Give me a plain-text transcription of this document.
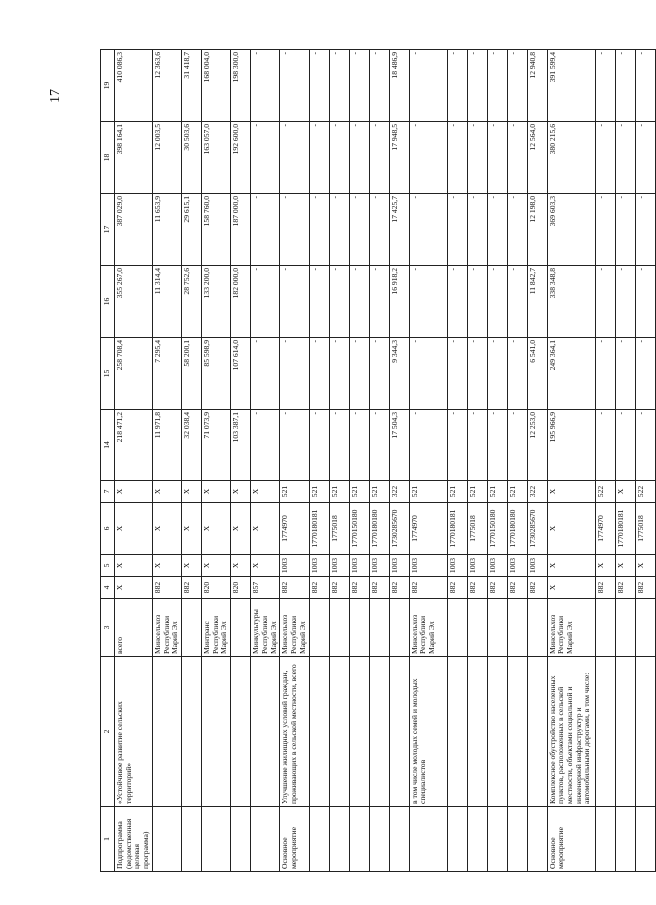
17
1	2	3	4	5	6	7	14	15	16	17	18	19
Подпрограмма (ведомственная целевая программа)	«Устойчивое развитие сельских территорий»	всего	X	X	X	X	218 471,2	258 708,4	355 267,0	387 029,0	398 164,1	410 086,3
		Минсельхоз Республики Марий Эл	882	X	X	X	11 971,8	7 295,4	11 314,4	11 653,9	12 003,5	12 363,6
			882	X	X	X	32 038,4	58 200,1	28 752,6	29 615,1	30 503,6	31 418,7
		Минтранс Республики Марий Эл	820	X	X	X	71 073,9	85 598,9	133 200,0	158 760,0	163 057,0	168 004,0
			820	X	X	X	103 387,1	107 614,0	182 000,0	187 000,0	192 600,0	198 300,0
		Минкультуры Республики Марий Эл	857	X	X	X	-	-	-	-	-	-
Основное мероприятие	Улучшение жилищных условий граждан, проживающих в сельской местности, всего	Минсельхоз Республики Марий Эл	882	1003	1774970	521	-	-	-	-	-	-
			882	1003	1770180181	521	-	-	-	-	-	-
			882	1003	1775018	521	-	-	-	-	-	-
			882	1003	1770150180	521	-	-	-	-	-	-
			882	1003	1770180180	521	-	-	-	-	-	-
			882	1003	1730285670	322	17 504,3	9 344,3	16 918,2	17 425,7	17 948,5	18 486,9
	в том числе молодых семей и молодых специалистов	Минсельхоз Республики Марий Эл	882	1003	1774970	521	-	-	-	-	-	-
			882	1003	1770180181	521	-	-	-	-	-	-
			882	1003	1775018	521	-	-	-	-	-	-
			882	1003	1770150180	521	-	-	-	-	-	-
			882	1003	1770180180	521	-	-	-	-	-	-
			882	1003	1730285670	322	12 253,0	6 541,0	11 842,7	12 198,0	12 564,0	12 940,8
Основное мероприятие	Комплексное обустройство населенных пунктов, расположенных в сельской местности, объектами социальной и инженерной инфраструктур и автомобильными дорогами, в том числе:	Минсельхоз Республики Марий Эл	X	X	X	X	195 966,9	249 364,1	338 348,8	369 603,3	380 215,6	391 599,4
			882	X	1774970	522	-	-	-	-	-	-
			882	X	1770180181	X	-	-	-	-	-	-
			882	X	1775018	522	-	-	-	-	-	-
